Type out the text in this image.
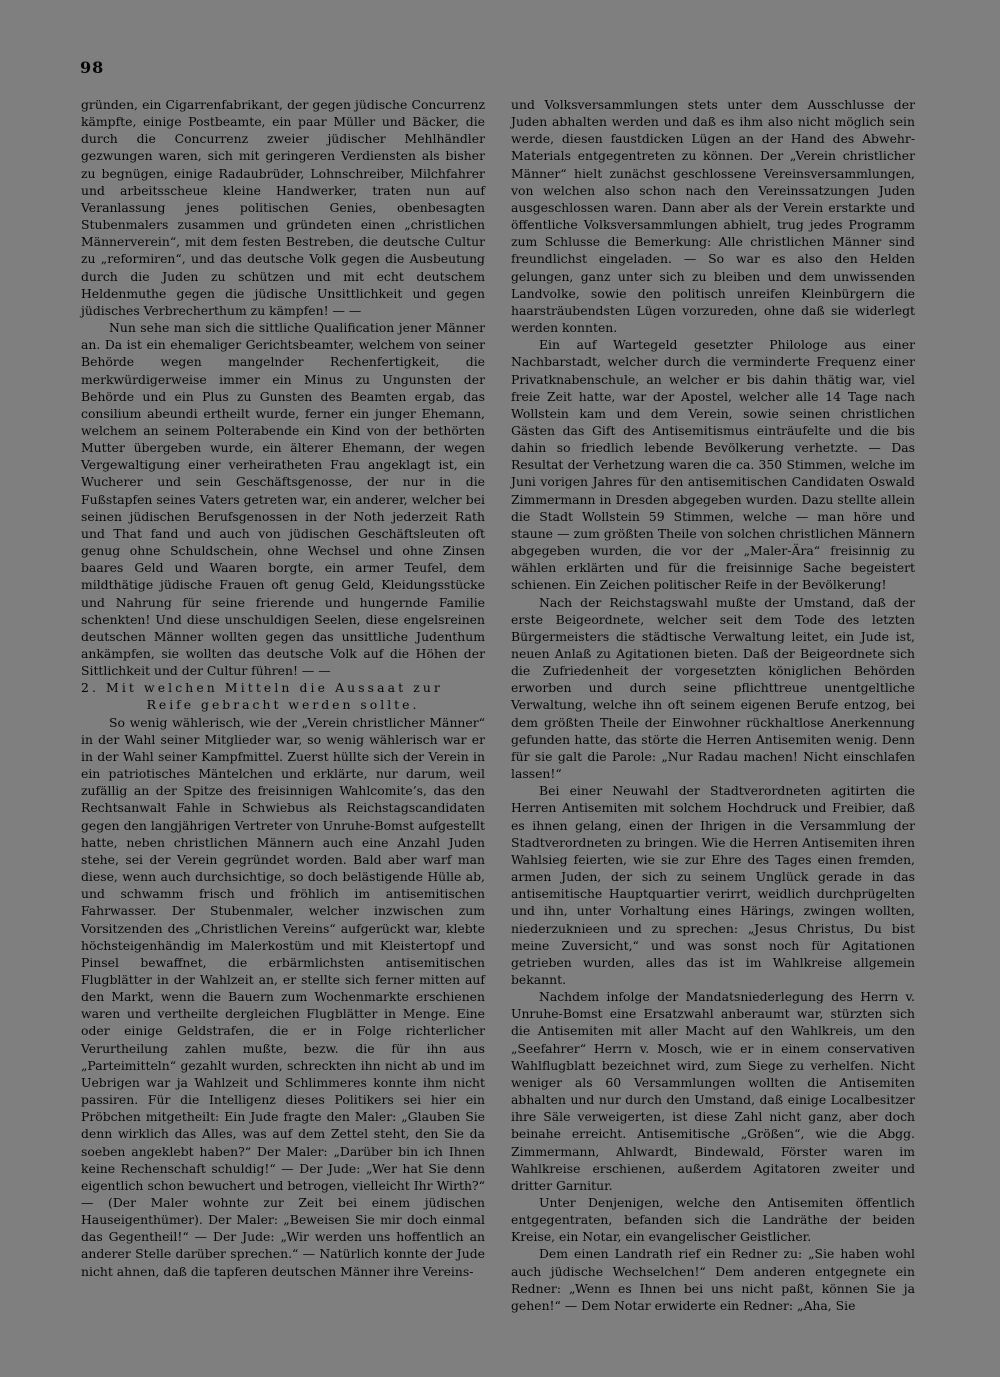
98

gründen, ein Cigarrenfabrikant, der gegen jüdische Concurrenz kämpfte, einige Postbeamte, ein paar Müller und Bäcker, die durch die Concurrenz zweier jüdischer Mehlhändler gezwungen waren, sich mit geringeren Verdiensten als bisher zu begnügen, einige Radaubrüder, Lohnschreiber, Milchfahrer und arbeitsscheue kleine Handwerker, traten nun auf Veranlassung jenes politischen Genies, obenbesagten Stubenmalers zusammen und gründeten einen „christlichen Männerverein“, mit dem festen Bestreben, die deutsche Cultur zu „reformiren“, und das deutsche Volk gegen die Ausbeutung durch die Juden zu schützen und mit echt deutschem Heldenmuthe gegen die jüdische Unsittlichkeit und gegen jüdisches Verbrecherthum zu kämpfen! — —

Nun sehe man sich die sittliche Qualification jener Männer an. Da ist ein ehemaliger Gerichtsbeamter, welchem von seiner Behörde wegen mangelnder Rechenfertigkeit, die merkwürdigerweise immer ein Minus zu Ungunsten der Behörde und ein Plus zu Gunsten des Beamten ergab, das consilium abeundi ertheilt wurde, ferner ein junger Ehemann, welchem an seinem Polterabende ein Kind von der bethörten Mutter übergeben wurde, ein älterer Ehemann, der wegen Vergewaltigung einer verheiratheten Frau angeklagt ist, ein Wucherer und sein Geschäftsgenosse, der nur in die Fußstapfen seines Vaters getreten war, ein anderer, welcher bei seinen jüdischen Berufsgenossen in der Noth jederzeit Rath und That fand und auch von jüdischen Geschäftsleuten oft genug ohne Schuldschein, ohne Wechsel und ohne Zinsen baares Geld und Waaren borgte, ein armer Teufel, dem mildthätige jüdische Frauen oft genug Geld, Kleidungsstücke und Nahrung für seine frierende und hungernde Familie schenkten! Und diese unschuldigen Seelen, diese engelsreinen deutschen Männer wollten gegen das unsittliche Judenthum ankämpfen, sie wollten das deutsche Volk auf die Höhen der Sittlichkeit und der Cultur führen! — —

2. Mit welchen Mitteln die Aussaat zur

Reife gebracht werden sollte.

So wenig wählerisch, wie der „Verein christlicher Männer“ in der Wahl seiner Mitglieder war, so wenig wählerisch war er in der Wahl seiner Kampfmittel. Zuerst hüllte sich der Verein in ein patriotisches Mäntelchen und erklärte, nur darum, weil zufällig an der Spitze des freisinnigen Wahlcomite’s, das den Rechtsanwalt Fahle in Schwiebus als Reichstagscandidaten gegen den langjährigen Vertreter von Unruhe-Bomst aufgestellt hatte, neben christlichen Männern auch eine Anzahl Juden stehe, sei der Verein gegründet worden. Bald aber warf man diese, wenn auch durchsichtige, so doch belästigende Hülle ab, und schwamm frisch und fröhlich im antisemitischen Fahrwasser. Der Stubenmaler, welcher inzwischen zum Vorsitzenden des „Christlichen Vereins“ aufgerückt war, klebte höchsteigenhändig im Malerkostüm und mit Kleistertopf und Pinsel bewaffnet, die erbärmlichsten antisemitischen Flugblätter in der Wahlzeit an, er stellte sich ferner mitten auf den Markt, wenn die Bauern zum Wochenmarkte erschienen waren und vertheilte dergleichen Flugblätter in Menge. Eine oder einige Geldstrafen, die er in Folge richterlicher Verurtheilung zahlen mußte, bezw. die für ihn aus „Parteimitteln“ gezahlt wurden, schreckten ihn nicht ab und im Uebrigen war ja Wahlzeit und Schlimmeres konnte ihm nicht passiren. Für die Intelligenz dieses Politikers sei hier ein Pröbchen mitgetheilt: Ein Jude fragte den Maler: „Glauben Sie denn wirklich das Alles, was auf dem Zettel steht, den Sie da soeben angeklebt haben?“ Der Maler: „Darüber bin ich Ihnen keine Rechenschaft schuldig!“ — Der Jude: „Wer hat Sie denn eigentlich schon bewuchert und betrogen, vielleicht Ihr Wirth?“ — (Der Maler wohnte zur Zeit bei einem jüdischen Hauseigenthümer). Der Maler: „Beweisen Sie mir doch einmal das Gegentheil!“ — Der Jude: „Wir werden uns hoffentlich an anderer Stelle darüber sprechen.“ — Natürlich konnte der Jude nicht ahnen, daß die tapferen deutschen Männer ihre Vereins-

und Volksversammlungen stets unter dem Ausschlusse der Juden abhalten werden und daß es ihm also nicht möglich sein werde, diesen faustdicken Lügen an der Hand des Abwehr-Materials entgegentreten zu können. Der „Verein christlicher Männer“ hielt zunächst geschlossene Vereinsversammlungen, von welchen also schon nach den Vereinssatzungen Juden ausgeschlossen waren. Dann aber als der Verein erstarkte und öffentliche Volksversammlungen abhielt, trug jedes Programm zum Schlusse die Bemerkung: Alle christlichen Männer sind freundlichst eingeladen. — So war es also den Helden gelungen, ganz unter sich zu bleiben und dem unwissenden Landvolke, sowie den politisch unreifen Kleinbürgern die haarsträubendsten Lügen vorzureden, ohne daß sie widerlegt werden konnten.

Ein auf Wartegeld gesetzter Philologe aus einer Nachbarstadt, welcher durch die verminderte Frequenz einer Privatknabenschule, an welcher er bis dahin thätig war, viel freie Zeit hatte, war der Apostel, welcher alle 14 Tage nach Wollstein kam und dem Verein, sowie seinen christlichen Gästen das Gift des Antisemitismus einträufelte und die bis dahin so friedlich lebende Bevölkerung verhetzte. — Das Resultat der Verhetzung waren die ca. 350 Stimmen, welche im Juni vorigen Jahres für den antisemitischen Candidaten Oswald Zimmermann in Dresden abgegeben wurden. Dazu stellte allein die Stadt Wollstein 59 Stimmen, welche — man höre und staune — zum größten Theile von solchen christlichen Männern abgegeben wurden, die vor der „Maler-Ära“ freisinnig zu wählen erklärten und für die freisinnige Sache begeistert schienen. Ein Zeichen politischer Reife in der Bevölkerung!

Nach der Reichstagswahl mußte der Umstand, daß der erste Beigeordnete, welcher seit dem Tode des letzten Bürgermeisters die städtische Verwaltung leitet, ein Jude ist, neuen Anlaß zu Agitationen bieten. Daß der Beigeordnete sich die Zufriedenheit der vorgesetzten königlichen Behörden erworben und durch seine pflichttreue unentgeltliche Verwaltung, welche ihn oft seinem eigenen Berufe entzog, bei dem größten Theile der Einwohner rückhaltlose Anerkennung gefunden hatte, das störte die Herren Antisemiten wenig. Denn für sie galt die Parole: „Nur Radau machen! Nicht einschlafen lassen!“

Bei einer Neuwahl der Stadtverordneten agitirten die Herren Antisemiten mit solchem Hochdruck und Freibier, daß es ihnen gelang, einen der Ihrigen in die Versammlung der Stadtverordneten zu bringen. Wie die Herren Antisemiten ihren Wahlsieg feierten, wie sie zur Ehre des Tages einen fremden, armen Juden, der sich zu seinem Unglück gerade in das antisemitische Hauptquartier verirrt, weidlich durchprügelten und ihn, unter Vorhaltung eines Härings, zwingen wollten, niederzuknieen und zu sprechen: „Jesus Christus, Du bist meine Zuversicht,“ und was sonst noch für Agitationen getrieben wurden, alles das ist im Wahlkreise allgemein bekannt.

Nachdem infolge der Mandatsniederlegung des Herrn v. Unruhe-Bomst eine Ersatzwahl anberaumt war, stürzten sich die Antisemiten mit aller Macht auf den Wahlkreis, um den „Seefahrer“ Herrn v. Mosch, wie er in einem conservativen Wahlflugblatt bezeichnet wird, zum Siege zu verhelfen. Nicht weniger als 60 Versammlungen wollten die Antisemiten abhalten und nur durch den Umstand, daß einige Localbesitzer ihre Säle verweigerten, ist diese Zahl nicht ganz, aber doch beinahe erreicht. Antisemitische „Größen“, wie die Abgg. Zimmermann, Ahlwardt, Bindewald, Förster waren im Wahlkreise erschienen, außerdem Agitatoren zweiter und dritter Garnitur.

Unter Denjenigen, welche den Antisemiten öffentlich entgegentraten, befanden sich die Landräthe der beiden Kreise, ein Notar, ein evangelischer Geistlicher.

Dem einen Landrath rief ein Redner zu: „Sie haben wohl auch jüdische Wechselchen!“ Dem anderen entgegnete ein Redner: „Wenn es Ihnen bei uns nicht paßt, können Sie ja gehen!“ — Dem Notar erwiderte ein Redner: „Aha, Sie
